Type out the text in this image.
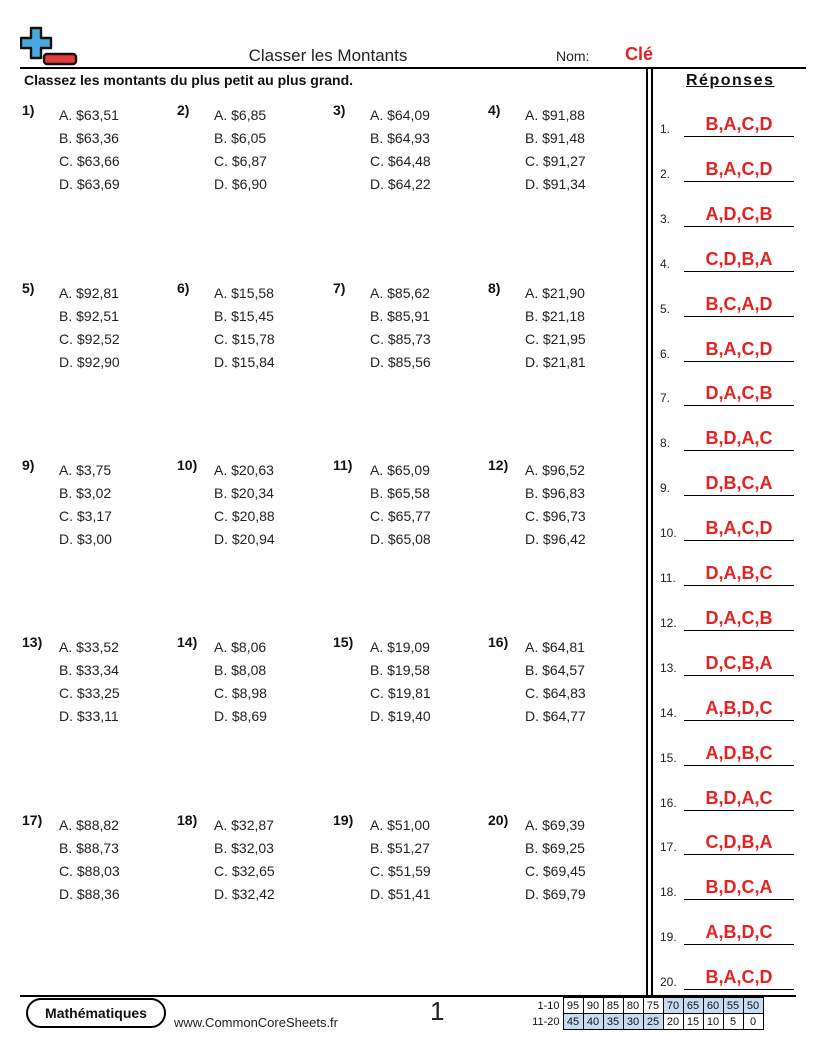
Classer les Montants	Nom: Clé
Classez les montants du plus petit au plus grand.	Réponses
1.	B,A,C,D
2.	B,A,C,D
3.	A,D,C,B
4.	C,D,B,A
5.	B,C,A,D
6.	B,A,C,D
7.	D,A,C,B
8.	B,D,A,C
9.	D,B,C,A
10.	B,A,C,D
11.	D,A,B,C
12.	D,A,C,B
13.	D,C,B,A
14.	A,B,D,C
15.	A,D,B,C
16.	B,D,A,C
17.	C,D,B,A
18.	B,D,C,A
19.	A,B,D,C
20.	B,A,C,D
1) A. $63,51
B. $63,36
C. $63,66
D. $63,69
2) A. $6,85
B. $6,05
C. $6,87
D. $6,90
3) A. $64,09
B. $64,93
C. $64,48
D. $64,22
4) A. $91,88
B. $91,48
C. $91,27
D. $91,34
5) A. $92,81
B. $92,51
C. $92,52
D. $92,90
6) A. $15,58
B. $15,45
C. $15,78
D. $15,84
7) A. $85,62
B. $85,91
C. $85,73
D. $85,56
8) A. $21,90
B. $21,18
C. $21,95
D. $21,81
9) A. $3,75
B. $3,02
C. $3,17
D. $3,00
10) A. $20,63
B. $20,34
C. $20,88
D. $20,94
11) A. $65,09
B. $65,58
C. $65,77
D. $65,08
12) A. $96,52
B. $96,83
C. $96,73
D. $96,42
13) A. $33,52
B. $33,34
C. $33,25
D. $33,11
14) A. $8,06
B. $8,08
C. $8,98
D. $8,69
15) A. $19,09
B. $19,58
C. $19,81
D. $19,40
16) A. $64,81
B. $64,57
C. $64,83
D. $64,77
17) A. $88,82
B. $88,73
C. $88,03
D. $88,36
18) A. $32,87
B. $32,03
C. $32,65
D. $32,42
19) A. $51,00
B. $51,27
C. $51,59
D. $51,41
20) A. $69,39
B. $69,25
C. $69,45
D. $69,79
Mathématiques
www.CommonCoreSheets.fr	1	1-10	95	90	85	80	75	70	65	60	55	50
11-20	45	40	35	30	25	20	15	10	5	0
